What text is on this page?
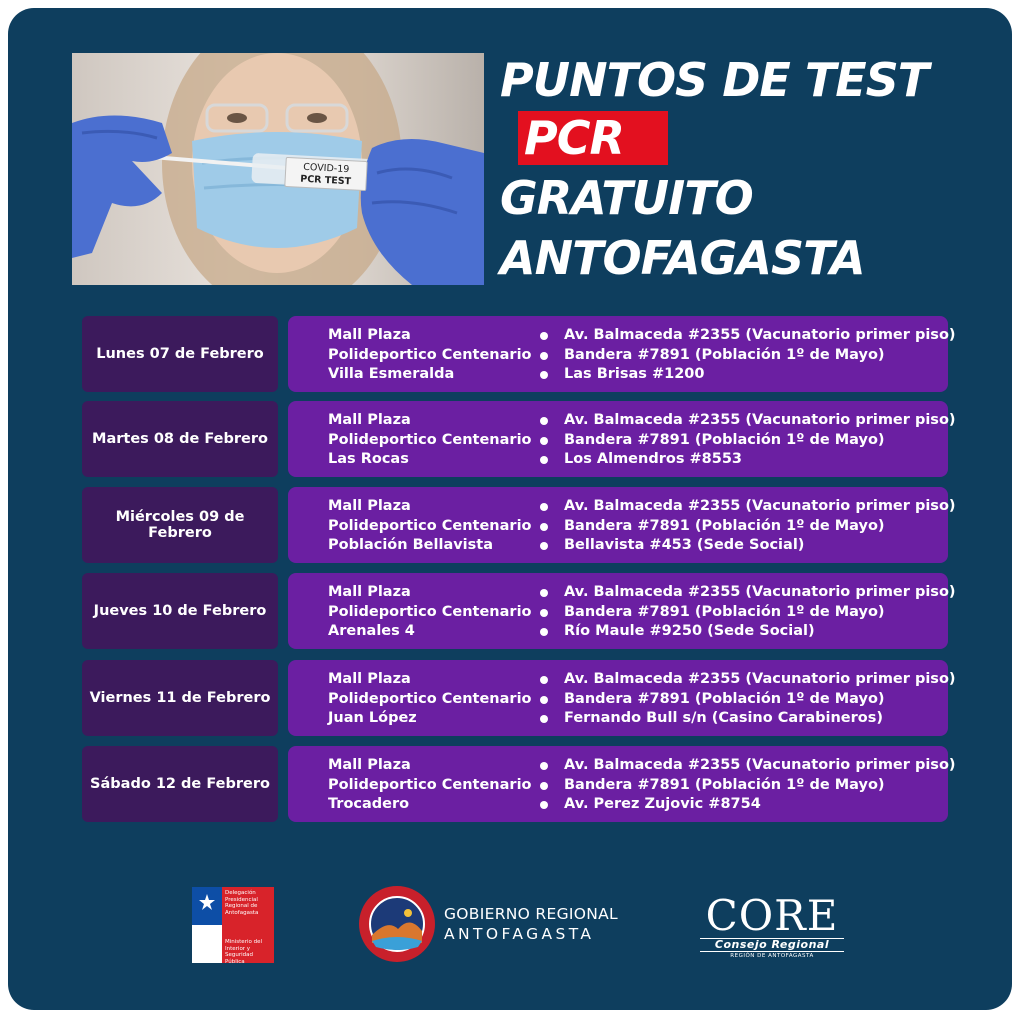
COVID-19
PCR TEST
PUNTOS DE TEST
PCR
GRATUITO
ANTOFAGASTA
Lunes 07 de Febrero
Mall Plaza
Polideportico Centenario
Villa Esmeralda
Av. Balmaceda #2355 (Vacunatorio primer piso)
Bandera #7891 (Población 1º de Mayo)
Las Brisas #1200
Martes 08 de Febrero
Mall Plaza
Polideportico Centenario
Las Rocas
Av. Balmaceda #2355 (Vacunatorio primer piso)
Bandera #7891 (Población 1º de Mayo)
Los Almendros #8553
Miércoles 09 de Febrero
Mall Plaza
Polideportico Centenario
Población Bellavista
Av. Balmaceda #2355 (Vacunatorio primer piso)
Bandera #7891 (Población 1º de Mayo)
Bellavista #453 (Sede Social)
Jueves 10 de Febrero
Mall Plaza
Polideportico Centenario
Arenales 4
Av. Balmaceda #2355 (Vacunatorio primer piso)
Bandera #7891 (Población 1º de Mayo)
Río Maule #9250 (Sede Social)
Viernes 11 de Febrero
Mall Plaza
Polideportico Centenario
Juan López
Av. Balmaceda #2355 (Vacunatorio primer piso)
Bandera #7891 (Población 1º de Mayo)
Fernando Bull s/n (Casino Carabineros)
Sábado 12 de Febrero
Mall Plaza
Polideportico Centenario
Trocadero
Av. Balmaceda #2355 (Vacunatorio primer piso)
Bandera #7891 (Población 1º de Mayo)
Av. Perez Zujovic #8754
Delegación Presidencial Regional de Antofagasta
Ministerio del Interior y Seguridad Pública
GOBIERNO REGIONAL
ANTOFAGASTA	CORE
Consejo Regional
REGIÓN DE ANTOFAGASTA
